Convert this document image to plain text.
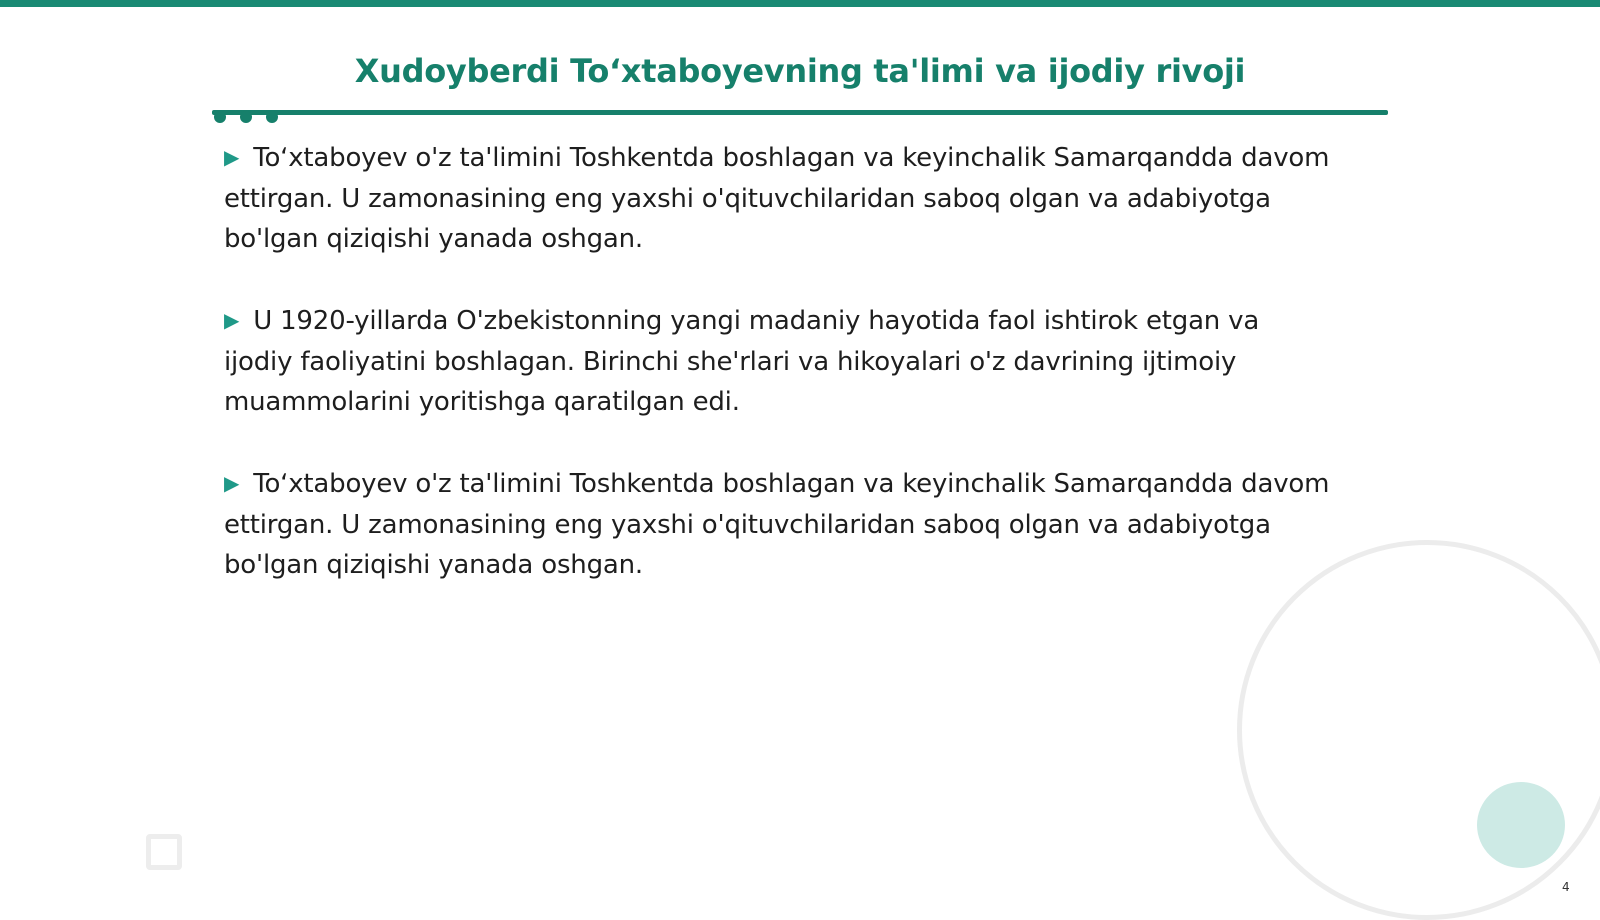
Xudoyberdi Toʻxtaboyevning ta'limi va ijodiy rivoji

▶ Toʻxtaboyev o'z ta'limini Toshkentda boshlagan va keyinchalik Samarqandda davom ettirgan. U zamonasining eng yaxshi o'qituvchilaridan saboq olgan va adabiyotga bo'lgan qiziqishi yanada oshgan.

▶ U 1920-yillarda O'zbekistonning yangi madaniy hayotida faol ishtirok etgan va ijodiy faoliyatini boshlagan. Birinchi she'rlari va hikoyalari o'z davrining ijtimoiy muammolarini yoritishga qaratilgan edi.

▶ Toʻxtaboyev o'z ta'limini Toshkentda boshlagan va keyinchalik Samarqandda davom ettirgan. U zamonasining eng yaxshi o'qituvchilaridan saboq olgan va adabiyotga bo'lgan qiziqishi yanada oshgan.

4
